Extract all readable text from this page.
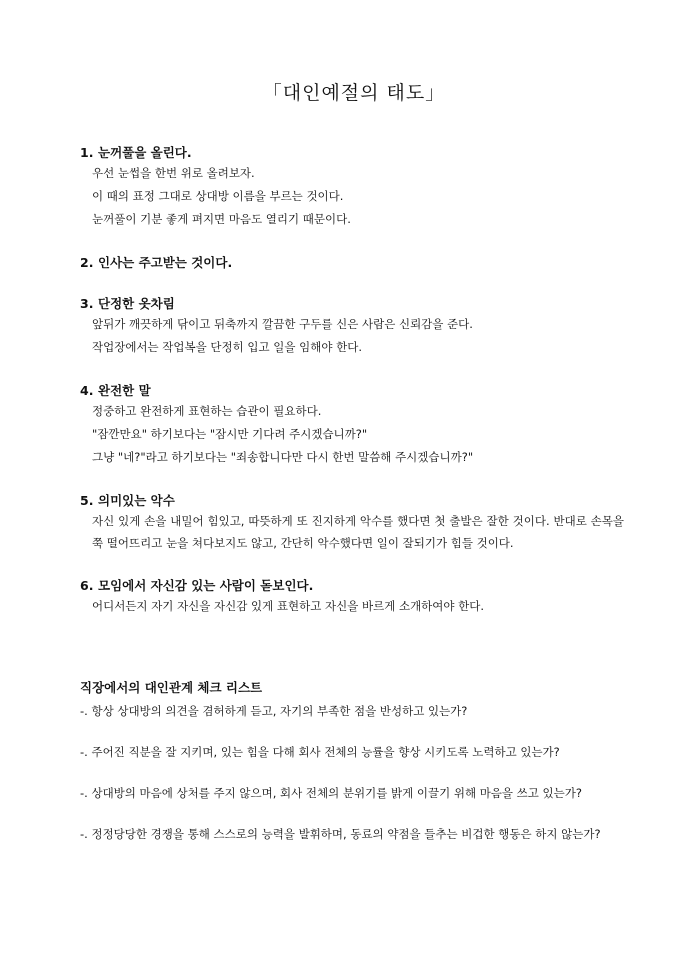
「대인예절의 태도」

1. 눈꺼풀을 올린다.

우선 눈썹을 한번 위로 올려보자.

이 때의 표정 그대로 상대방 이름을 부르는 것이다.

눈꺼풀이 기분 좋게 펴지면 마음도 열리기 때문이다.

2. 인사는 주고받는 것이다.

3. 단정한 옷차림

앞뒤가 깨끗하게 닦이고 뒤축까지 깔끔한 구두를 신은 사람은 신뢰감을 준다.

작업장에서는 작업복을 단정히 입고 일을 임해야 한다.

4. 완전한 말

정중하고 완전하게 표현하는 습관이 필요하다.

"잠깐만요" 하기보다는 "잠시만 기다려 주시겠습니까?"

그냥 "네?"라고 하기보다는 "죄송합니다만 다시 한번 말씀해 주시겠습니까?"

5. 의미있는 악수

자신 있게 손을 내밀어 힘있고, 따뜻하게 또 진지하게 악수를 했다면 첫 출발은 잘한 것이다. 반대로 손목을 쭉 떨어뜨리고 눈을 쳐다보지도 않고, 간단히 악수했다면 일이 잘되기가 힘들 것이다.

6. 모임에서 자신감 있는 사람이 돋보인다.

어디서든지 자기 자신을 자신감 있게 표현하고 자신을 바르게 소개하여야 한다.

직장에서의 대인관계 체크 리스트

-. 항상 상대방의 의견을 겸허하게 듣고, 자기의 부족한 점을 반성하고 있는가?

-. 주어진 직분을 잘 지키며, 있는 힘을 다해 회사 전체의 능률을 향상 시키도록 노력하고 있는가?

-. 상대방의 마음에 상처를 주지 않으며, 회사 전체의 분위기를 밝게 이끌기 위해 마음을 쓰고 있는가?

-. 정정당당한 경쟁을 통해 스스로의 능력을 발휘하며, 동료의 약점을 들추는 비겁한 행동은 하지 않는가?
